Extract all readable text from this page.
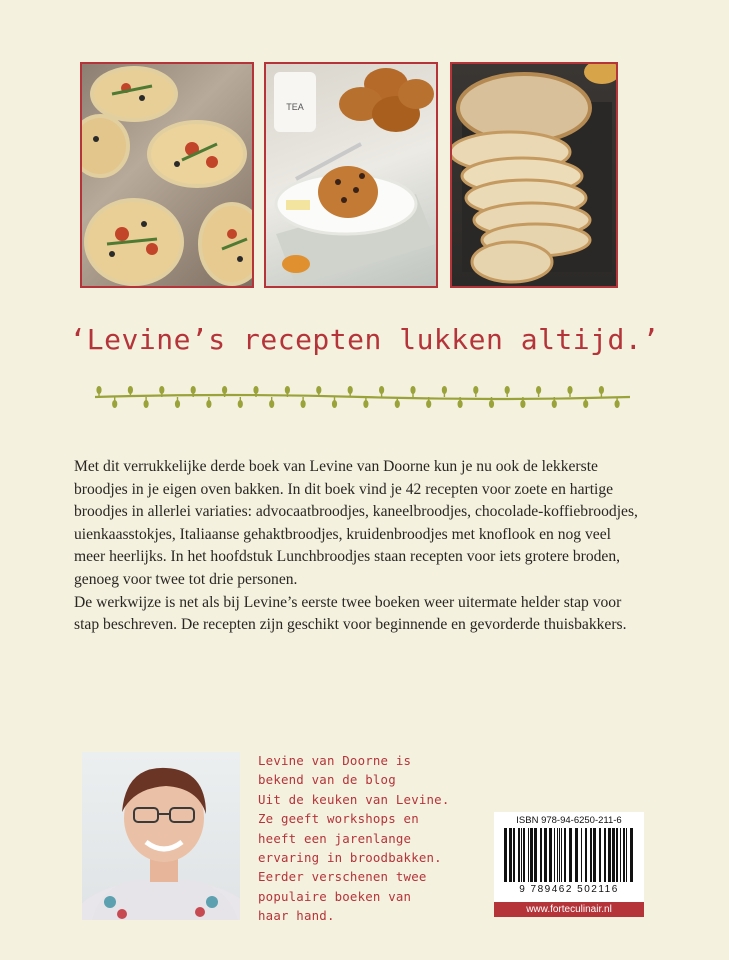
TEA
‘Levine’s recepten lukken altijd.’

Met dit verrukkelijke derde boek van Levine van Doorne kun je nu ook de lekkerste broodjes in je eigen oven bakken. In dit boek vind je 42 recepten voor zoete en hartige broodjes in allerlei variaties: advocaatbroodjes, kaneelbroodjes, chocolade-koffiebroodjes, uienkaasstokjes, Italiaanse gehaktbroodjes, kruidenbroodjes met knoflook en nog veel meer heerlijks. In het hoofdstuk Lunchbroodjes staan recepten voor iets grotere broden, genoeg voor twee tot drie personen.

De werkwijze is net als bij Levine’s eerste twee boeken weer uitermate helder stap voor stap beschreven. De recepten zijn geschikt voor beginnende en gevorderde thuisbakkers.

Levine van Doorne is
bekend van de blog
Uit de keuken van Levine.
Ze geeft workshops en
heeft een jarenlange
ervaring in broodbakken.
Eerder verschenen twee
populaire boeken van
haar hand.
ISBN 978-94-6250-211-6
9 789462 502116
www.forteculinair.nl
